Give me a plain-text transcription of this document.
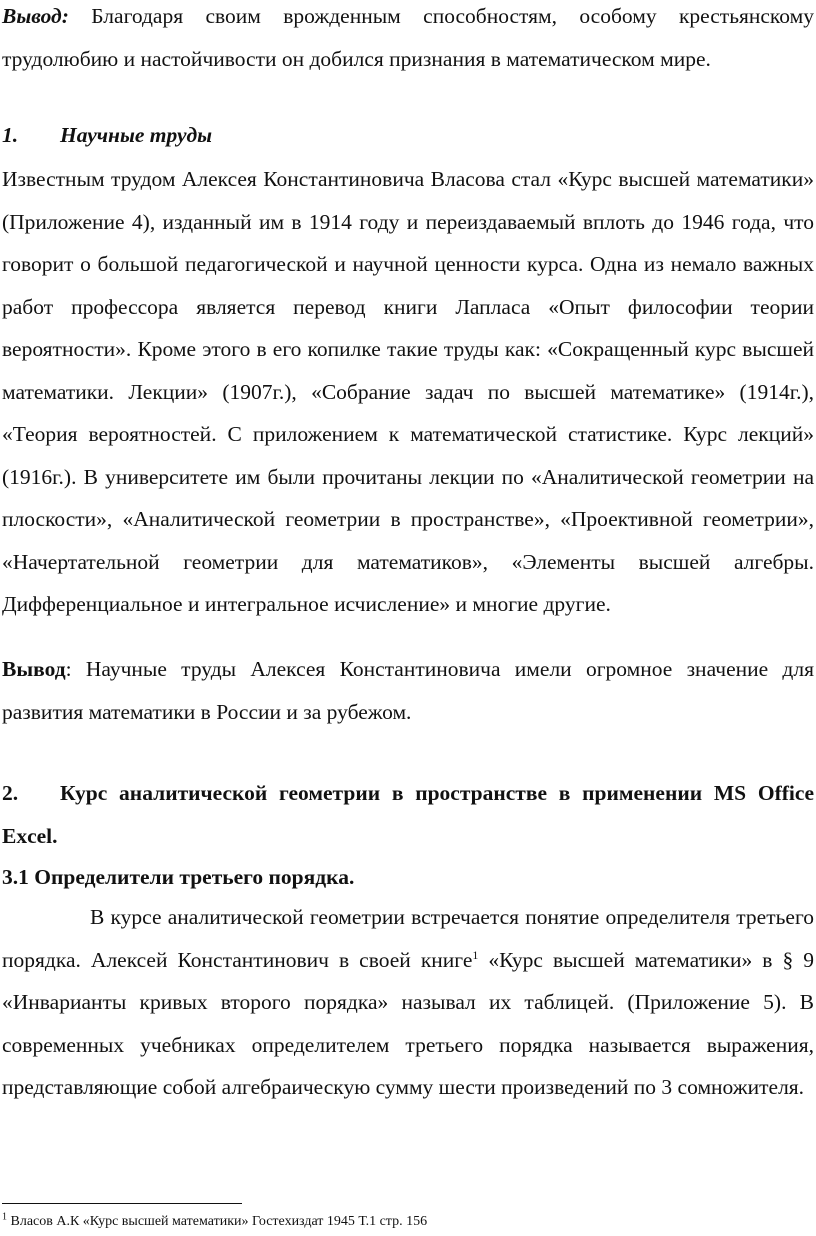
Вывод: Благодаря своим врожденным способностям, особому крестьянскому трудолюбию и настойчивости он добился признания в математическом мире.

1. Научные труды

Известным трудом Алексея Константиновича Власова стал «Курс высшей математики» (Приложение 4), изданный им в 1914 году и переиздаваемый вплоть до 1946 года, что говорит о большой педагогической и научной ценности курса. Одна из немало важных работ профессора является перевод книги Лапласа «Опыт философии теории вероятности». Кроме этого в его копилке такие труды как: «Сокращенный курс высшей математики. Лекции» (1907г.), «Собрание задач по высшей математике» (1914г.), «Теория вероятностей. С приложением к математической статистике. Курс лекций» (1916г.). В университете им были прочитаны лекции по «Аналитической геометрии на плоскости», «Аналитической геометрии в пространстве», «Проективной геометрии», «Начертательной геометрии для математиков», «Элементы высшей алгебры. Дифференциальное и интегральное исчисление» и многие другие.

Вывод: Научные труды Алексея Константиновича имели огромное значение для развития математики в России и за рубежом.

2. Курс аналитической геометрии в пространстве в применении MS Office Excel.

3.1 Определители третьего порядка.

В курсе аналитической геометрии встречается понятие определителя третьего порядка. Алексей Константинович в своей книге$^1$ «Курс высшей математики» в § 9 «Инварианты кривых второго порядка» называл их таблицей. (Приложение 5). В современных учебниках определителем третьего порядка называется выражения, представляющие собой алгебраическую сумму шести произведений по 3 сомножителя.

$^1$ Власов А.К «Курс высшей математики» Гостехиздат 1945 Т.1 стр. 156
